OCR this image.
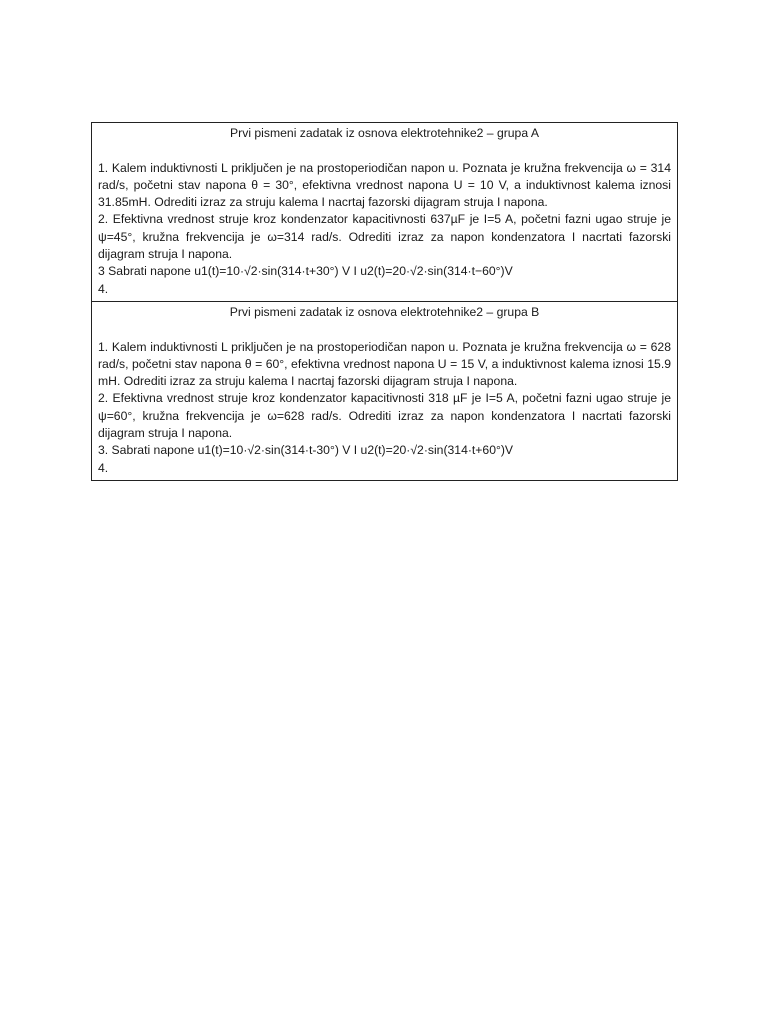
Prvi pismeni zadatak iz osnova elektrotehnike2 – grupa A

1. Kalem induktivnosti L priključen je na prostoperiodičan napon u. Poznata je kružna frekvencija ω = 314 rad/s, početni stav napona θ = 30°, efektivna vrednost napona U = 10 V, a induktivnost kalema iznosi 31.85mH. Odrediti izraz za struju kalema I nacrtaj fazorski dijagram struja I napona.

2. Efektivna vrednost struje kroz kondenzator kapacitivnosti 637µF je I=5 A, početni fazni ugao struje je ψ=45°, kružna frekvencija je ω=314 rad/s. Odrediti izraz za napon kondenzatora I nacrtati fazorski dijagram struja I napona.

3 Sabrati napone u1(t)=10·√2·sin(314·t+30°) V I u2(t)=20·√2·sin(314·t−60°)V

4.

Prvi pismeni zadatak iz osnova elektrotehnike2 – grupa B

1. Kalem induktivnosti L priključen je na prostoperiodičan napon u. Poznata je kružna frekvencija ω = 628 rad/s, početni stav napona θ = 60°, efektivna vrednost napona U = 15 V, a induktivnost kalema iznosi 15.9 mH. Odrediti izraz za struju kalema I nacrtaj fazorski dijagram struja I napona.

2. Efektivna vrednost struje kroz kondenzator kapacitivnosti 318 µF je I=5 A, početni fazni ugao struje je ψ=60°, kružna frekvencija je ω=628 rad/s. Odrediti izraz za napon kondenzatora I nacrtati fazorski dijagram struja I napona.

3. Sabrati napone u1(t)=10·√2·sin(314·t-30°) V I u2(t)=20·√2·sin(314·t+60°)V

4.
